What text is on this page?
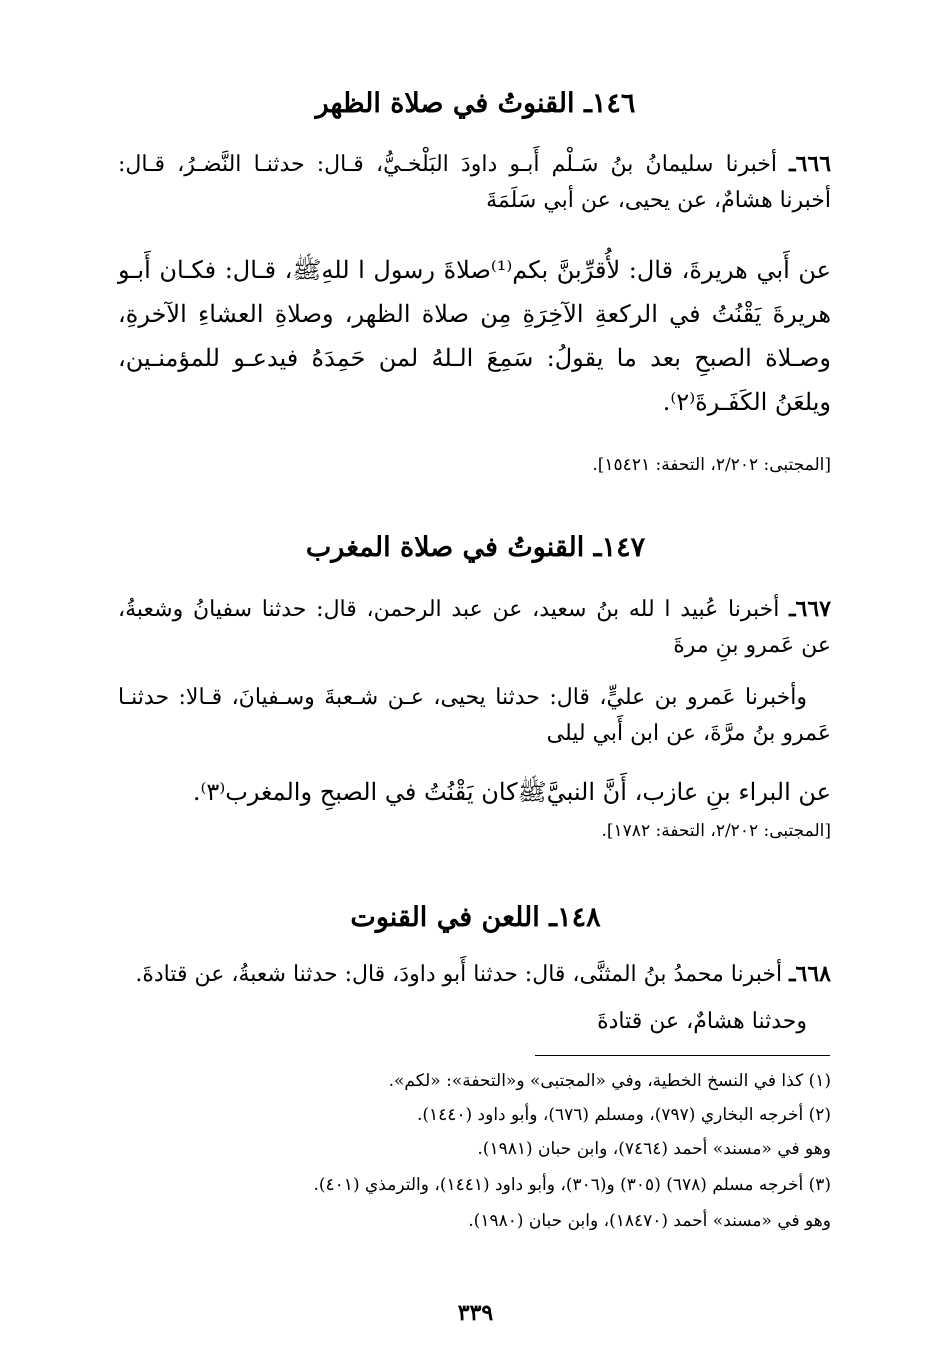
١٤٦ـ القنوتُ في صلاة الظهر
٦٦٦ـ أخبرنا سليمانُ بنُ سَـلْم أَبـو داودَ البَلْخـيُّ، قـال: حدثنـا النَّضـرُ، قـال: أخبرنا هشامٌ، عن يحيى، عن أبي سَلَمَةَ
عن أَبي هريرةَ، قال: لأُقرِّبنَّ بكم⁽¹⁾صلاةَ رسول ا للهِﷺ، قـال: فكـان أَبـو هريرةَ يَقْنُتُ في الركعةِ الآخِرَةِ مِن صلاة الظهر، وصلاةِ العشاءِ الآخرةِ، وصـلاة الصبحِ بعد ما يقولُ: سَمِعَ الـلهُ لمن حَمِدَهُ فيدعـو للمؤمنـين، ويلعَنُ الكَفَـرةَ⁽٢⁾.
[المجتبى: ٢/٢٠٢، التحفة: ١٥٤٢١].
١٤٧ـ القنوتُ في صلاة المغرب
٦٦٧ـ أخبرنا عُبيد ا لله بنُ سعيد، عن عبد الرحمن، قال: حدثنا سفيانُ وشعبةُ، عن عَمرو بنِ مرةَ
وأخبرنا عَمرو بن عليٍّ، قال: حدثنا يحيى، عـن شـعبةَ وسـفيانَ، قـالا: حدثنـا عَمرو بنُ مرَّةَ، عن ابن أَبي ليلى
عن البراء بنِ عازب، أَنَّ النبيَّﷺكان يَقْنُتُ في الصبحِ والمغرب⁽٣⁾.
[المجتبى: ٢/٢٠٢، التحفة: ١٧٨٢].
١٤٨ـ اللعن في القنوت
٦٦٨ـ أخبرنا محمدُ بنُ المثنَّى، قال: حدثنا أَبو داودَ، قال: حدثنا شعبةُ، عن قتادةَ.
وحدثنا هشامٌ، عن قتادةَ
(١) كذا في النسخ الخطية، وفي «المجتبى» و«التحفة»: «لكم».
(٢) أخرجه البخاري (٧٩٧)، ومسلم (٦٧٦)، وأبو داود (١٤٤٠).
وهو في «مسند» أحمد (٧٤٦٤)، وابن حبان (١٩٨١).
(٣) أخرجه مسلم (٦٧٨) (٣٠٥) و(٣٠٦)، وأبو داود (١٤٤١)، والترمذي (٤٠١).
وهو في «مسند» أحمد (١٨٤٧٠)، وابن حبان (١٩٨٠).
٣٣٩
